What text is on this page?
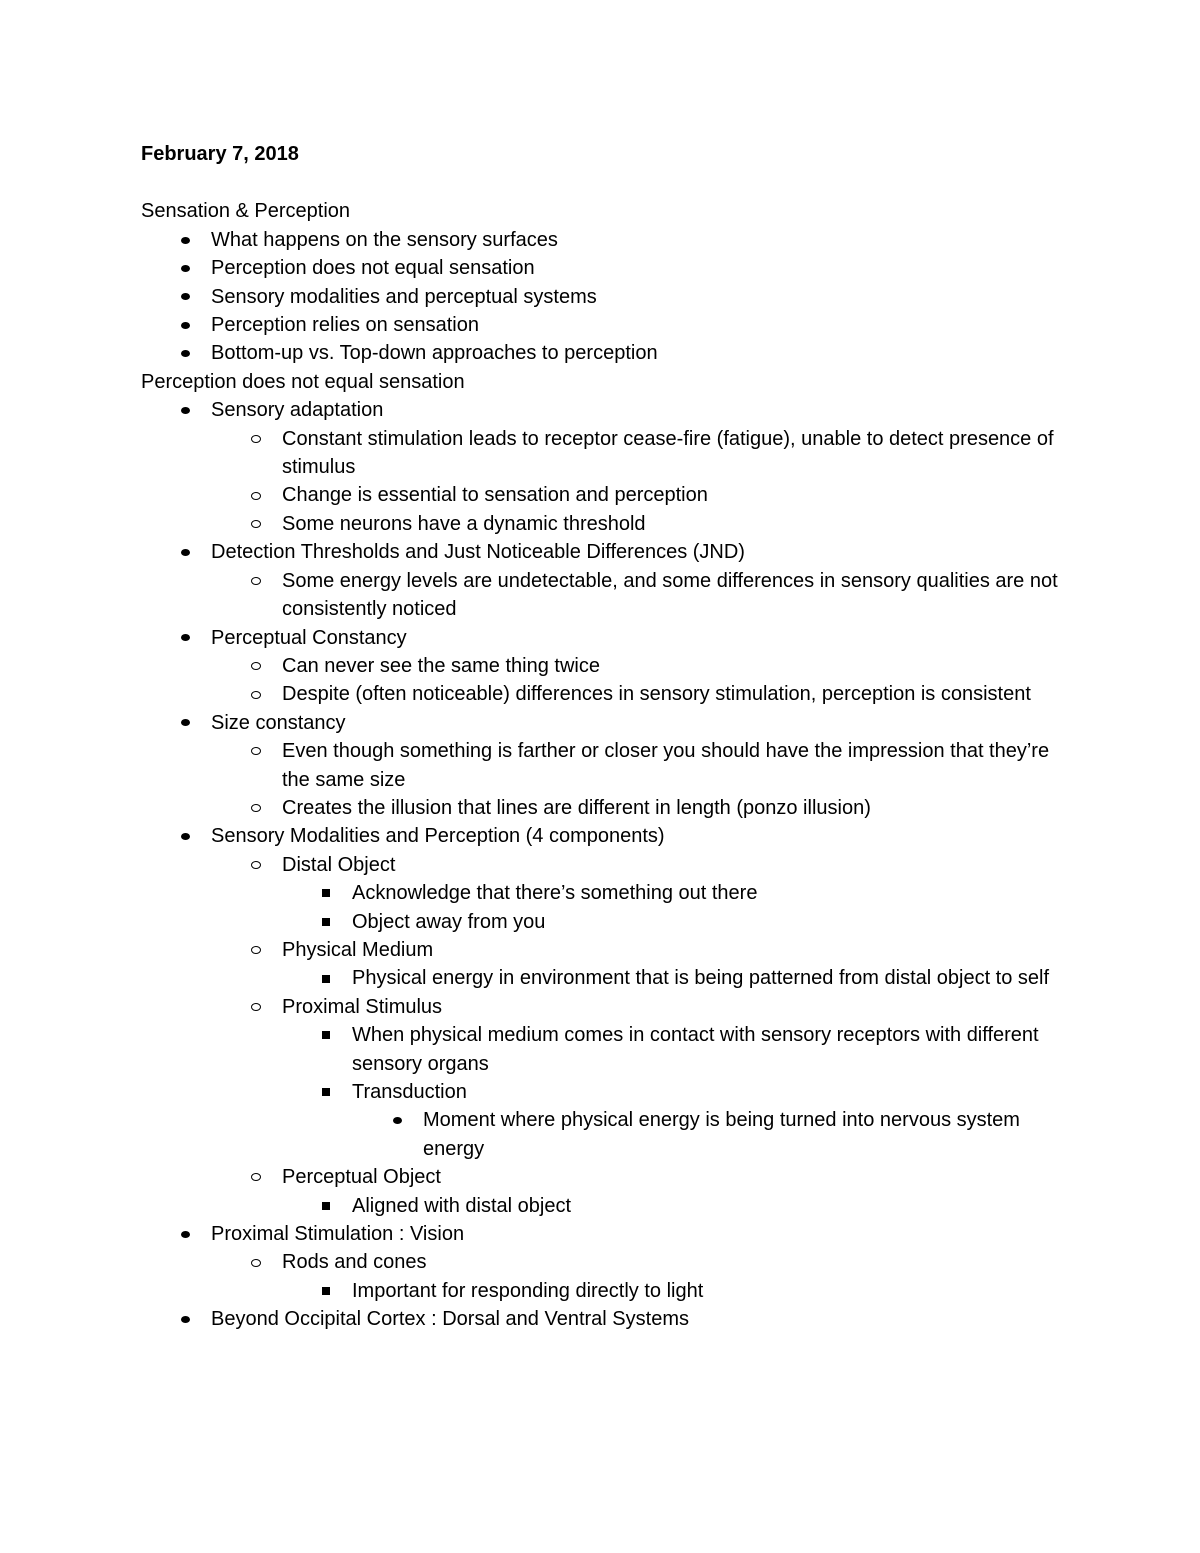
February 7, 2018

Sensation & Perception

What happens on the sensory surfaces
Perception does not equal sensation
Sensory modalities and perceptual systems
Perception relies on sensation
Bottom-up vs. Top-down approaches to perception

Perception does not equal sensation

Sensory adaptation
Constant stimulation leads to receptor cease-fire (fatigue), unable to detect presence of stimulus
Change is essential to sensation and perception
Some neurons have a dynamic threshold
Detection Thresholds and Just Noticeable Differences (JND)
Some energy levels are undetectable, and some differences in sensory qualities are not consistently noticed
Perceptual Constancy
Can never see the same thing twice
Despite (often noticeable) differences in sensory stimulation, perception is consistent
Size constancy
Even though something is farther or closer you should have the impression that they’re the same size
Creates the illusion that lines are different in length (ponzo illusion)
Sensory Modalities and Perception (4 components)
Distal Object
Acknowledge that there’s something out there
Object away from you
Physical Medium
Physical energy in environment that is being patterned from distal object to self
Proximal Stimulus
When physical medium comes in contact with sensory receptors with different sensory organs
Transduction
Moment where physical energy is being turned into nervous system energy
Perceptual Object
Aligned with distal object
Proximal Stimulation : Vision
Rods and cones
Important for responding directly to light
Beyond Occipital Cortex : Dorsal and Ventral Systems
